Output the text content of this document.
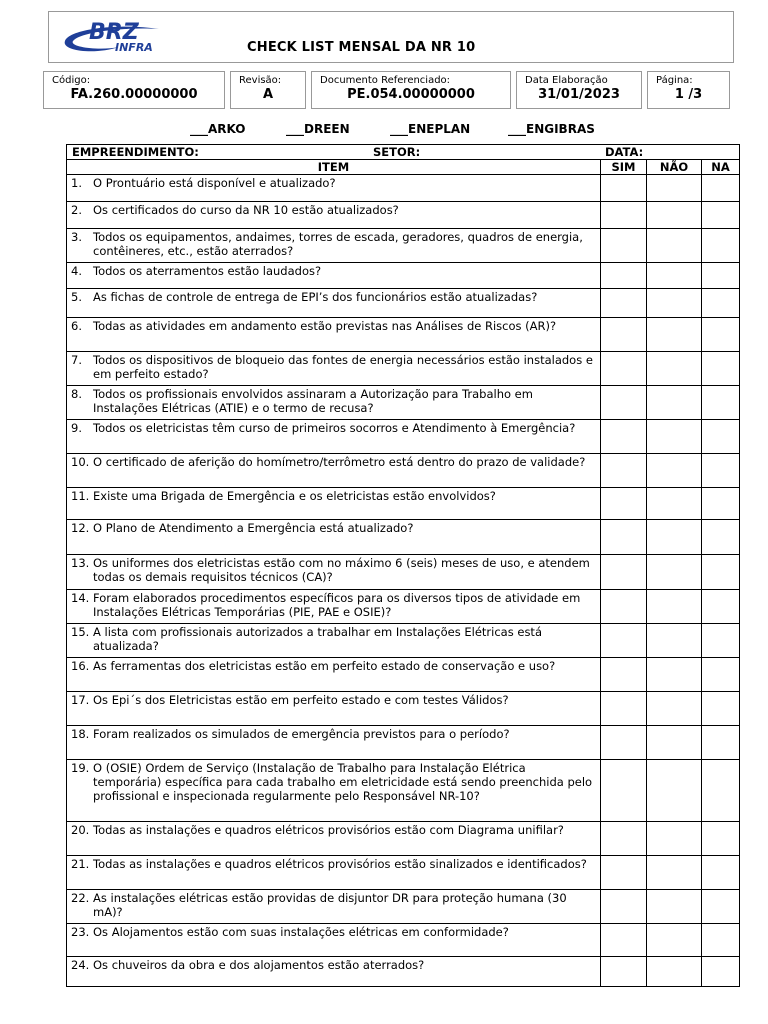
BRZ
INFRA	CHECK LIST MENSAL DA NR 10
Código:
FA.260.00000000
Revisão:
A
Documento Referenciado:
PE.054.00000000
Data Elaboração
31/01/2023
Página:
1 /3
___ARKO	___DREEN	___ENEPLAN	___ENGIBRAS
EMPREENDIMENTO: SETOR: DATA:			

ITEM	SIM	NÃO	NA

1. O Prontuário está disponível e atualizado?			

2. Os certificados do curso da NR 10 estão atualizados?			

3. Todos os equipamentos, andaimes, torres de escada, geradores, quadros de energia, contêineres, etc., estão aterrados?			

4. Todos os aterramentos estão laudados?			

5. As fichas de controle de entrega de EPI’s dos funcionários estão atualizadas?			

6. Todas as atividades em andamento estão previstas nas Análises de Riscos (AR)?			

7. Todos os dispositivos de bloqueio das fontes de energia necessários estão instalados e em perfeito estado?			

8. Todos os profissionais envolvidos assinaram a Autorização para Trabalho em Instalações Elétricas (ATIE) e o termo de recusa?			

9. Todos os eletricistas têm curso de primeiros socorros e Atendimento à Emergência?			

10. O certificado de aferição do homímetro/terrômetro está dentro do prazo de validade?			

11. Existe uma Brigada de Emergência e os eletricistas estão envolvidos?			

12. O Plano de Atendimento a Emergência está atualizado?			

13. Os uniformes dos eletricistas estão com no máximo 6 (seis) meses de uso, e atendem todas os demais requisitos técnicos (CA)?			

14. Foram elaborados procedimentos específicos para os diversos tipos de atividade em Instalações Elétricas Temporárias (PIE, PAE e OSIE)?			

15. A lista com profissionais autorizados a trabalhar em Instalações Elétricas está atualizada?			

16. As ferramentas dos eletricistas estão em perfeito estado de conservação e uso?			

17. Os Epi´s dos Eletricistas estão em perfeito estado e com testes Válidos?			

18. Foram realizados os simulados de emergência previstos para o período?			

19. O (OSIE) Ordem de Serviço (Instalação de Trabalho para Instalação Elétrica temporária) específica para cada trabalho em eletricidade está sendo preenchida pelo profissional e inspecionada regularmente pelo Responsável NR-10?			

20. Todas as instalações e quadros elétricos provisórios estão com Diagrama unifilar?			

21. Todas as instalações e quadros elétricos provisórios estão sinalizados e identificados?			

22. As instalações elétricas estão providas de disjuntor DR para proteção humana (30 mA)?			

23. Os Alojamentos estão com suas instalações elétricas em conformidade?			

24. Os chuveiros da obra e dos alojamentos estão aterrados?			
